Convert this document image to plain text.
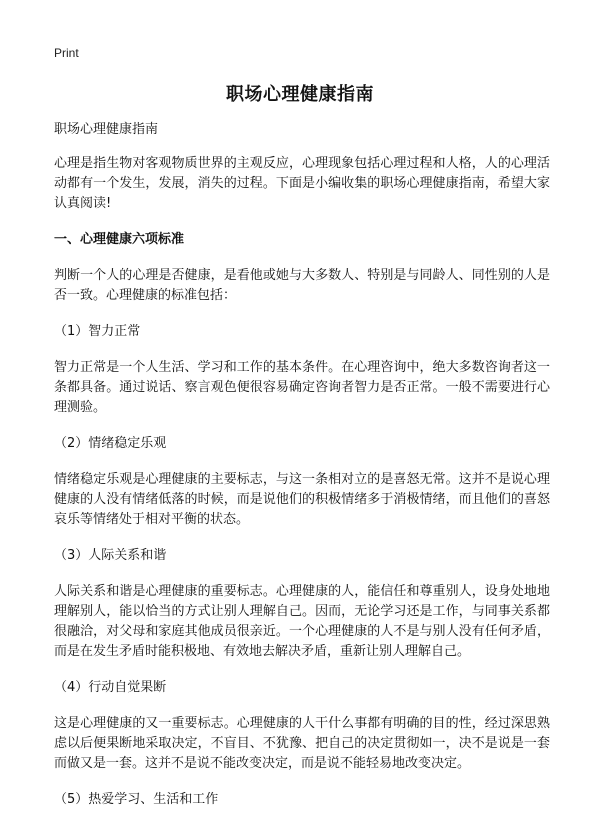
Print
职场心理健康指南

职场心理健康指南

心理是指生物对客观物质世界的主观反应，心理现象包括心理过程和人格，人的心理活动都有一个发生，发展，消失的过程。下面是小编收集的职场心理健康指南，希望大家认真阅读!

一、心理健康六项标准

判断一个人的心理是否健康，是看他或她与大多数人、特别是与同龄人、同性别的人是否一致。心理健康的标准包括：

（1）智力正常

智力正常是一个人生活、学习和工作的基本条件。在心理咨询中，绝大多数咨询者这一条都具备。通过说话、察言观色便很容易确定咨询者智力是否正常。一般不需要进行心理测验。

（2）情绪稳定乐观

情绪稳定乐观是心理健康的主要标志，与这一条相对立的是喜怒无常。这并不是说心理健康的人没有情绪低落的时候，而是说他们的积极情绪多于消极情绪，而且他们的喜怒哀乐等情绪处于相对平衡的状态。

（3）人际关系和谐

人际关系和谐是心理健康的重要标志。心理健康的人，能信任和尊重别人，设身处地地理解别人，能以恰当的方式让别人理解自己。因而，无论学习还是工作，与同事关系都很融洽，对父母和家庭其他成员很亲近。一个心理健康的人不是与别人没有任何矛盾，而是在发生矛盾时能积极地、有效地去解决矛盾，重新让别人理解自己。

（4）行动自觉果断

这是心理健康的又一重要标志。心理健康的人干什么事都有明确的目的性，经过深思熟虑以后便果断地采取决定，不盲目、不犹豫、把自己的决定贯彻如一，决不是说是一套而做又是一套。这并不是说不能改变决定，而是说不能轻易地改变决定。

（5）热爱学习、生活和工作
